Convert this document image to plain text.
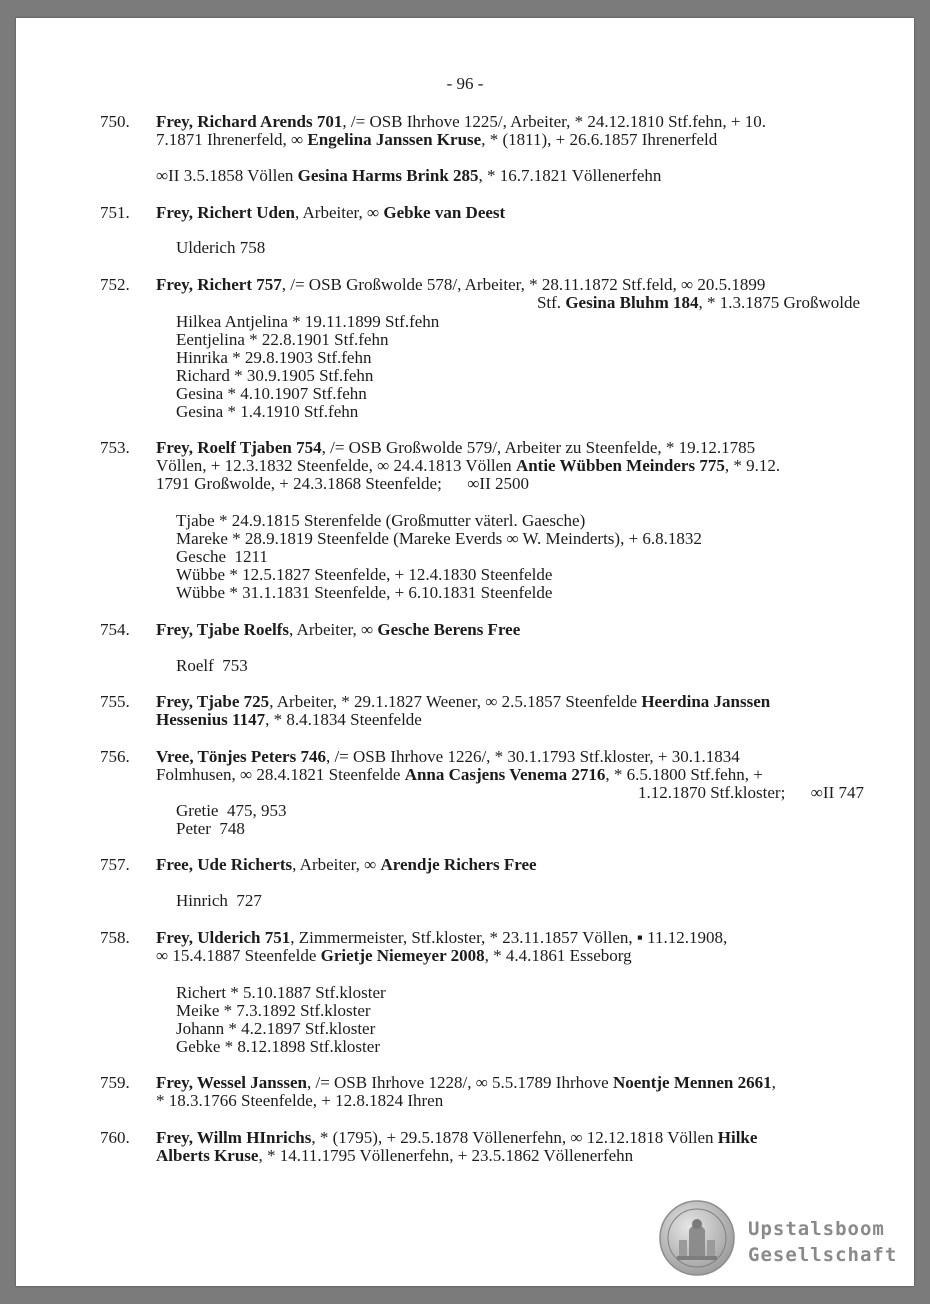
- 96 -
750. Frey, Richard Arends 701, /= OSB Ihrhove 1225/, Arbeiter, * 24.12.1810 Stf.fehn, + 10.
7.1871 Ihrenerfeld, ∞ Engelina Janssen Kruse, * (1811), + 26.6.1857 Ihrenerfeld
∞II 3.5.1858 Völlen Gesina Harms Brink 285, * 16.7.1821 Völlenerfehn
751. Frey, Richert Uden, Arbeiter, ∞ Gebke van Deest
Ulderich 758
752. Frey, Richert 757, /= OSB Großwolde 578/, Arbeiter, * 28.11.1872 Stf.feld, ∞ 20.5.1899
Stf. Gesina Bluhm 184, * 1.3.1875 Großwolde
Hilkea Antjelina * 19.11.1899 Stf.fehn
Eentjelina * 22.8.1901 Stf.fehn
Hinrika * 29.8.1903 Stf.fehn
Richard * 30.9.1905 Stf.fehn
Gesina * 4.10.1907 Stf.fehn
Gesina * 1.4.1910 Stf.fehn
753. Frey, Roelf Tjaben 754, /= OSB Großwolde 579/, Arbeiter zu Steenfelde, * 19.12.1785
Völlen, + 12.3.1832 Steenfelde, ∞ 24.4.1813 Völlen Antie Wübben Meinders 775, * 9.12.
1791 Großwolde, + 24.3.1868 Steenfelde;      ∞II 2500
Tjabe * 24.9.1815 Sterenfelde (Großmutter väterl. Gaesche)
Mareke * 28.9.1819 Steenfelde (Mareke Everds ∞ W. Meinderts), + 6.8.1832
Gesche  1211
Wübbe * 12.5.1827 Steenfelde, + 12.4.1830 Steenfelde
Wübbe * 31.1.1831 Steenfelde, + 6.10.1831 Steenfelde
754. Frey, Tjabe Roelfs, Arbeiter, ∞ Gesche Berens Free
Roelf  753
755. Frey, Tjabe 725, Arbeiter, * 29.1.1827 Weener, ∞ 2.5.1857 Steenfelde Heerdina Janssen
Hessenius 1147, * 8.4.1834 Steenfelde
756. Vree, Tönjes Peters 746, /= OSB Ihrhove 1226/, * 30.1.1793 Stf.kloster, + 30.1.1834
Folmhusen, ∞ 28.4.1821 Steenfelde Anna Casjens Venema 2716, * 6.5.1800 Stf.fehn, +
1.12.1870 Stf.kloster;      ∞II 747
Gretie  475, 953
Peter  748
757. Free, Ude Richerts, Arbeiter, ∞ Arendje Richers Free
Hinrich  727
758. Frey, Ulderich 751, Zimmermeister, Stf.kloster, * 23.11.1857 Völlen, ▪ 11.12.1908,
∞ 15.4.1887 Steenfelde Grietje Niemeyer 2008, * 4.4.1861 Esseborg
Richert * 5.10.1887 Stf.kloster
Meike * 7.3.1892 Stf.kloster
Johann * 4.2.1897 Stf.kloster
Gebke * 8.12.1898 Stf.kloster
759. Frey, Wessel Janssen, /= OSB Ihrhove 1228/, ∞ 5.5.1789 Ihrhove Noentje Mennen 2661,
* 18.3.1766 Steenfelde, + 12.8.1824 Ihren
760. Frey, Willm HInrichs, * (1795), + 29.5.1878 Völlenerfehn, ∞ 12.12.1818 Völlen Hilke
Alberts Kruse, * 14.11.1795 Völlenerfehn, + 23.5.1862 Völlenerfehn
Upstalsboom
Gesellschaft
